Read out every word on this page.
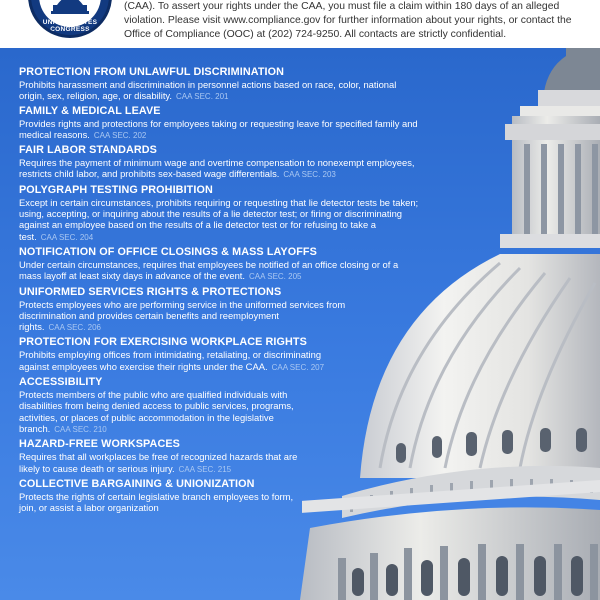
UNITED STATES CONGRESS
(CAA). To assert your rights under the CAA, you must file a claim within 180 days of an alleged violation. Please visit www.compliance.gov for further information about your rights, or contact the Office of Compliance (OOC) at (202) 724-9250. All contacts are strictly confidential.
PROTECTION FROM UNLAWFUL DISCRIMINATION
Prohibits harassment and discrimination in personnel actions based on race, color, national origin, sex, religion, age, or disability. CAA SEC. 201
FAMILY & MEDICAL LEAVE
Provides rights and protections for employees taking or requesting leave for specified family and medical reasons. CAA SEC. 202
FAIR LABOR STANDARDS
Requires the payment of minimum wage and overtime compensation to nonexempt employees, restricts child labor, and prohibits sex-based wage differentials. CAA SEC. 203
POLYGRAPH TESTING PROHIBITION
Except in certain circumstances, prohibits requiring or requesting that lie detector tests be taken; using, accepting, or inquiring about the results of a lie detector test; or firing or discriminating against an employee based on the results of a lie detector test or for refusing to take a test. CAA SEC. 204
NOTIFICATION OF OFFICE CLOSINGS & MASS LAYOFFS
Under certain circumstances, requires that employees be notified of an office closing or of a mass layoff at least sixty days in advance of the event. CAA SEC. 205
UNIFORMED SERVICES RIGHTS & PROTECTIONS
Protects employees who are performing service in the uniformed services from discrimination and provides certain benefits and reemployment rights. CAA SEC. 206
PROTECTION FOR EXERCISING WORKPLACE RIGHTS
Prohibits employing offices from intimidating, retaliating, or discriminating against employees who exercise their rights under the CAA. CAA SEC. 207
ACCESSIBILITY
Protects members of the public who are qualified individuals with disabilities from being denied access to public services, programs, activities, or places of public accommodation in the legislative branch. CAA SEC. 210
HAZARD-FREE WORKSPACES
Requires that all workplaces be free of recognized hazards that are likely to cause death or serious injury. CAA SEC. 215
COLLECTIVE BARGAINING & UNIONIZATION
Protects the rights of certain legislative branch employees to form, join, or assist a labor organization
